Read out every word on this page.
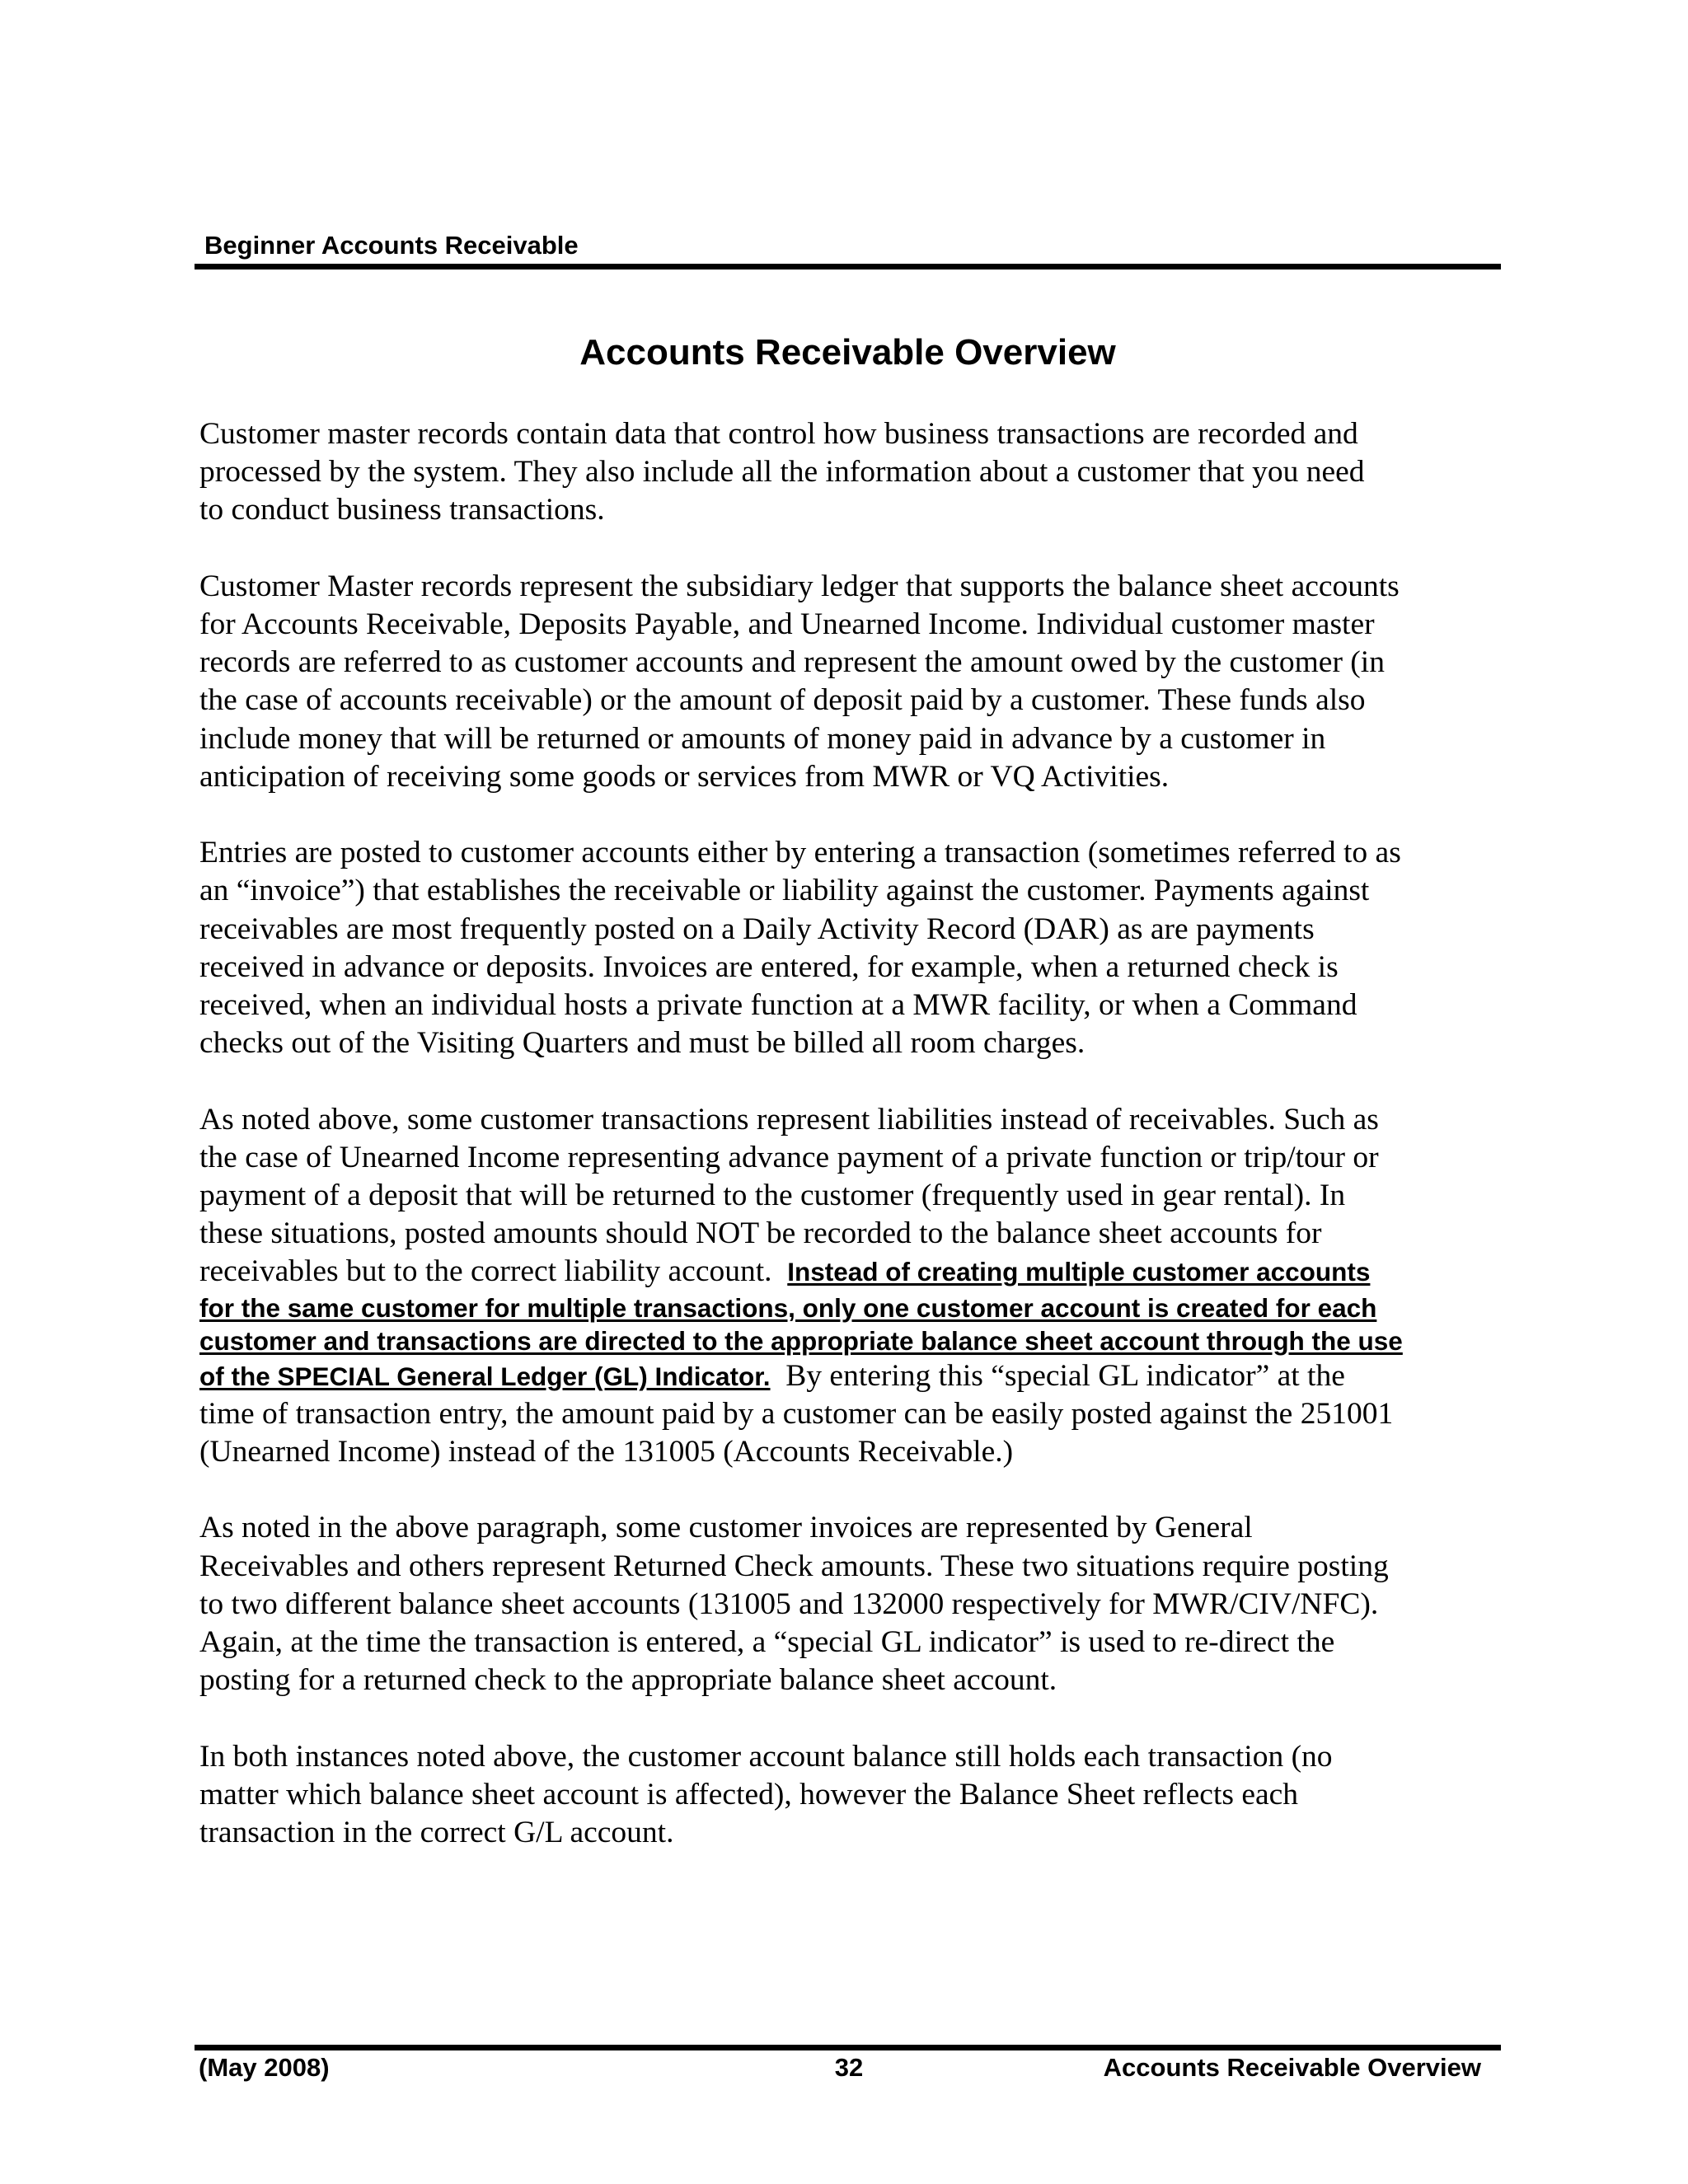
Beginner Accounts Receivable
Accounts Receivable Overview

Customer master records contain data that control how business transactions are recorded and
processed by the system. They also include all the information about a customer that you need
to conduct business transactions.

Customer Master records represent the subsidiary ledger that supports the balance sheet accounts
for Accounts Receivable, Deposits Payable, and Unearned Income. Individual customer master
records are referred to as customer accounts and represent the amount owed by the customer (in
the case of accounts receivable) or the amount of deposit paid by a customer. These funds also
include money that will be returned or amounts of money paid in advance by a customer in
anticipation of receiving some goods or services from MWR or VQ Activities.

Entries are posted to customer accounts either by entering a transaction (sometimes referred to as
an “invoice”) that establishes the receivable or liability against the customer. Payments against
receivables are most frequently posted on a Daily Activity Record (DAR) as are payments
received in advance or deposits. Invoices are entered, for example, when a returned check is
received, when an individual hosts a private function at a MWR facility, or when a Command
checks out of the Visiting Quarters and must be billed all room charges.

As noted above, some customer transactions represent liabilities instead of receivables. Such as
the case of Unearned Income representing advance payment of a private function or trip/tour or
payment of a deposit that will be returned to the customer (frequently used in gear rental). In
these situations, posted amounts should NOT be recorded to the balance sheet accounts for
receivables but to the correct liability account.  Instead of creating multiple customer accounts
for the same customer for multiple transactions, only one customer account is created for each
customer and transactions are directed to the appropriate balance sheet account through the use
of the SPECIAL General Ledger (GL) Indicator.  By entering this “special GL indicator” at the
time of transaction entry, the amount paid by a customer can be easily posted against the 251001
(Unearned Income) instead of the 131005 (Accounts Receivable.)

As noted in the above paragraph, some customer invoices are represented by General
Receivables and others represent Returned Check amounts. These two situations require posting
to two different balance sheet accounts (131005 and 132000 respectively for MWR/CIV/NFC).
Again, at the time the transaction is entered, a “special GL indicator” is used to re-direct the
posting for a returned check to the appropriate balance sheet account.

In both instances noted above, the customer account balance still holds each transaction (no
matter which balance sheet account is affected), however the Balance Sheet reflects each
transaction in the correct G/L account.

(May 2008)	32	Accounts Receivable Overview
